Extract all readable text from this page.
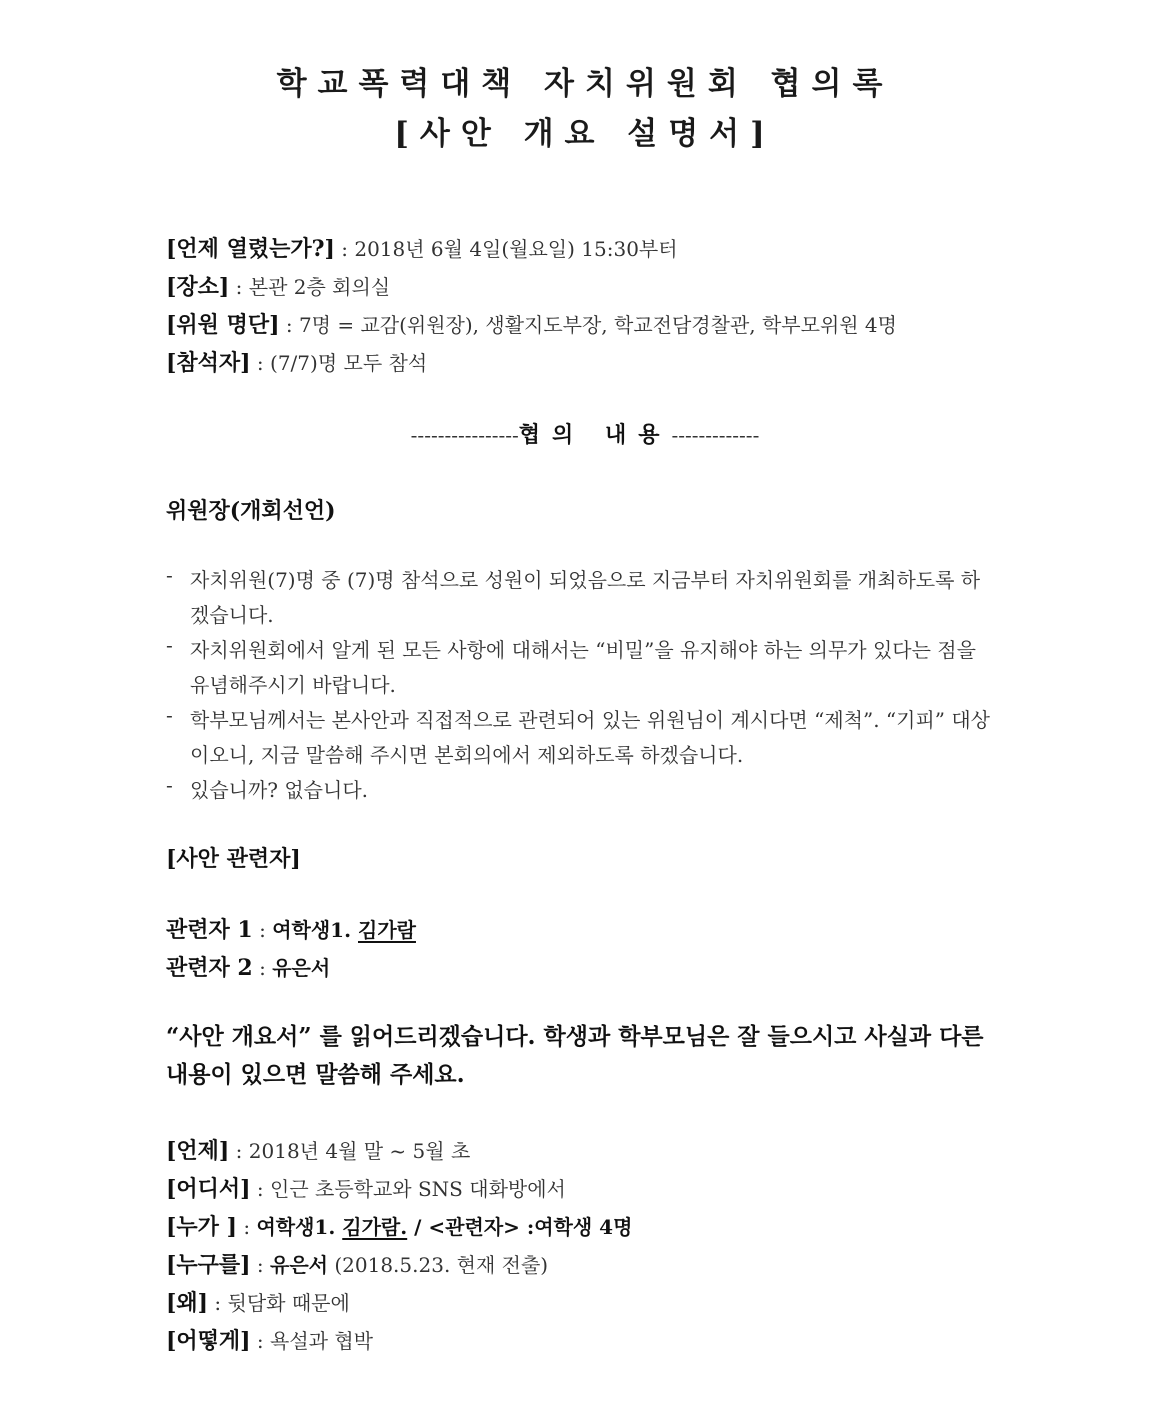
학교폭력대책 자치위원회 협의록
[사안 개요 설명서]
[언제 열렸는가?] : 2018년 6월 4일(월요일) 15:30부터
[장소] : 본관 2층 회의실
[위원 명단] : 7명 = 교감(위원장), 생활지도부장, 학교전담경찰관, 학부모위원 4명
[참석자] : (7/7)명 모두 참석
----------------협의 내용-------------
위원장(개회선언)
- 자치위원(7)명 중 (7)명 참석으로 성원이 되었음으로 지금부터 자치위원회를 개최하도록 하겠습니다.
- 자치위원회에서 알게 된 모든 사항에 대해서는 “비밀”을 유지해야 하는 의무가 있다는 점을 유념해주시기 바랍니다.
- 학부모님께서는 본사안과 직접적으로 관련되어 있는 위원님이 계시다면 “제척”. “기피” 대상이오니, 지금 말씀해 주시면 본회의에서 제외하도록 하겠습니다.
- 있습니까? 없습니다.
[사안 관련자]
관련자 1 : 여학생1. 김가람
관련자 2 : 유은서
“사안 개요서” 를 읽어드리겠습니다. 학생과 학부모님은 잘 들으시고 사실과 다른 내용이 있으면 말씀해 주세요.
[언제] : 2018년 4월 말 ~ 5월 초
[어디서] : 인근 초등학교와 SNS 대화방에서
[누가 ] : 여학생1. 김가람. / <관련자> :여학생 4명
[누구를] : 유은서 (2018.5.23. 현재 전출)
[왜] : 뒷담화 때문에
[어떻게] : 욕설과 협박
